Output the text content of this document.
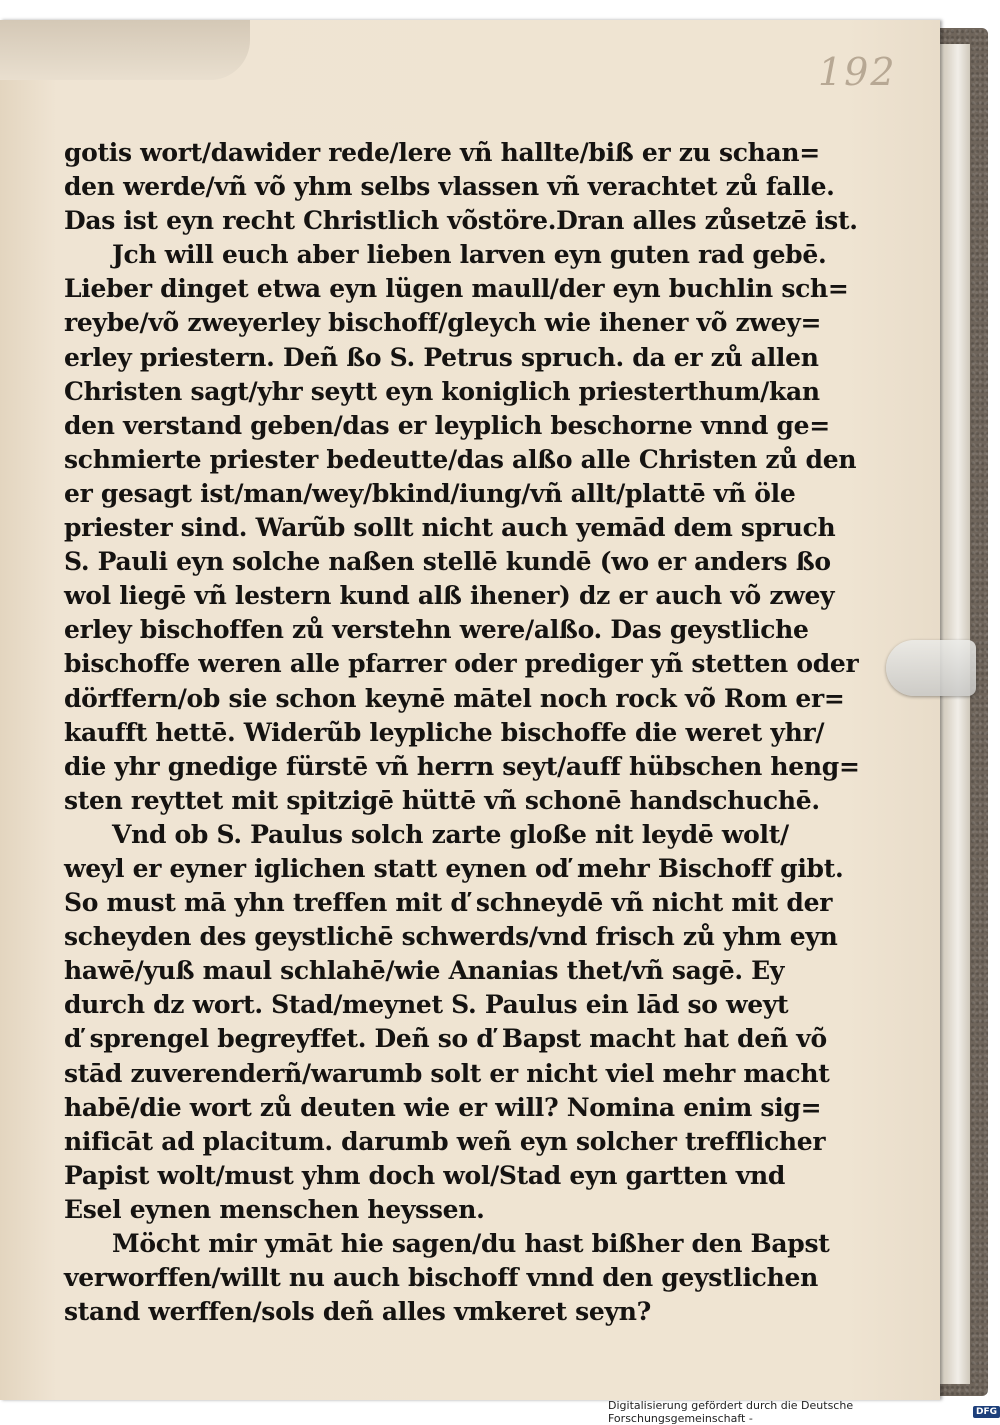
192
gotis wort/dawider rede/lere vñ hallte/biß er zu schan=
den werde/vñ võ yhm selbs vlassen vñ verachtet zů falle.
Das ist eyn recht Christlich võstöre.Dran alles zůsetzē ist.
Jch will euch aber lieben larven eyn guten rad gebē.
Lieber dinget etwa eyn lügen maull/der eyn buchlin sch=
reybe/võ zweyerley bischoff/gleych wie ihener võ zwey=
erley priestern. Deñ ßo S. Petrus spruch. da er zů allen
Christen sagt/yhr seytt eyn koniglich priesterthum/kan
den verstand geben/das er leyplich beschorne vnnd ge=
schmierte priester bedeutte/das alßo alle Christen zů den
er gesagt ist/man/wey/bkind/iung/vñ allt/plattē vñ öle
priester sind. Warũb sollt nicht auch yemād dem spruch
S. Pauli eyn solche naßen stellē kundē (wo er anders ßo
wol liegē vñ lestern kund alß ihener) dz er auch võ zwey
erley bischoffen zů verstehn were/alßo. Das geystliche
bischoffe weren alle pfarrer oder prediger yñ stetten oder
dörffern/ob sie schon keynē mātel noch rock võ Rom er=
kaufft hettē. Widerũb leypliche bischoffe die weret yhr/
die yhr gnedige fürstē vñ herrn seyt/auff hübschen heng=
sten reyttet mit spitzigē hüttē vñ schonē handschuchē.
Vnd ob S. Paulus solch zarte gloße nit leydē wolt/
weyl er eyner iglichen statt eynen oď mehr Bischoff gibt.
So must mā yhn treffen mit ď schneydē vñ nicht mit der
scheyden des geystlichē schwerds/vnd frisch zů yhm eyn
hawē/yuß maul schlahē/wie Ananias thet/vñ sagē. Ey
durch dz wort. Stad/meynet S. Paulus ein lād so weyt
ď sprengel begreyffet. Deñ so ď Bapst macht hat deñ võ
stād zuverenderñ/warumb solt er nicht viel mehr macht
habē/die wort zů deuten wie er will? Nomina enim sig=
nificāt ad placitum. darumb weñ eyn solcher trefflicher
Papist wolt/must yhm doch wol/Stad eyn gartten vnd
Esel eynen menschen heyssen.
Möcht mir ymāt hie sagen/du hast bißher den Bapst
verworffen/willt nu auch bischoff vnnd den geystlichen
stand werffen/sols deñ alles vmkeret seyn?
Digitalisierung gefördert durch die Deutsche Forschungsgemeinschaft -	DFG
